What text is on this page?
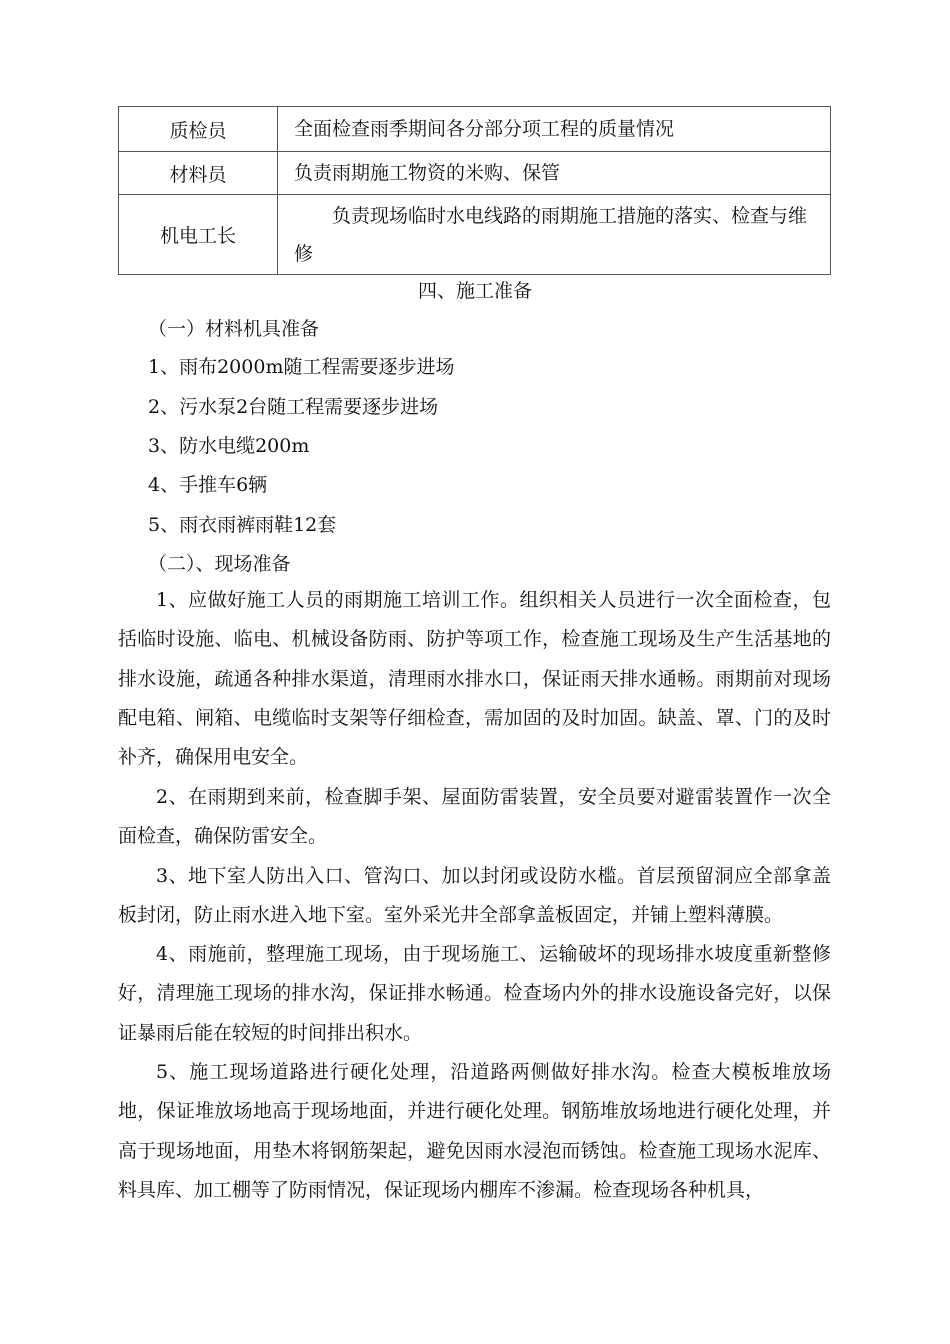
质检员	全面检查雨季期间各分部分项工程的质量情况
材料员	负责雨期施工物资的米购、保管
机电工长	负责现场临时水电线路的雨期施工措施的落实、检查与维修
四、施工准备
（一）材料机具准备
1、雨布2000m随工程需要逐步进场
2、污水泵2台随工程需要逐步进场
3、防水电缆200m
4、手推车6辆
5、雨衣雨裤雨鞋12套
（二）、现场准备
1、应做好施工人员的雨期施工培训工作。组织相关人员进行一次全面检查，包括临时设施、临电、机械设备防雨、防护等项工作，检查施工现场及生产生活基地的排水设施，疏通各种排水渠道，清理雨水排水口，保证雨天排水通畅。雨期前对现场配电箱、闸箱、电缆临时支架等仔细检查，需加固的及时加固。缺盖、罩、门的及时补齐，确保用电安全。
2、在雨期到来前，检查脚手架、屋面防雷装置，安全员要对避雷装置作一次全面检查，确保防雷安全。
3、地下室人防出入口、管沟口、加以封闭或设防水槛。首层预留洞应全部拿盖板封闭，防止雨水进入地下室。室外采光井全部拿盖板固定，并铺上塑料薄膜。
4、雨施前，整理施工现场，由于现场施工、运输破坏的现场排水坡度重新整修好，清理施工现场的排水沟，保证排水畅通。检查场内外的排水设施设备完好，以保证暴雨后能在较短的时间排出积水。
5、施工现场道路进行硬化处理，沿道路两侧做好排水沟。检查大模板堆放场地，保证堆放场地高于现场地面，并进行硬化处理。钢筋堆放场地进行硬化处理，并高于现场地面，用垫木将钢筋架起，避免因雨水浸泡而锈蚀。检查施工现场水泥库、料具库、加工棚等了防雨情况，保证现场内棚库不渗漏。检查现场各种机具，
